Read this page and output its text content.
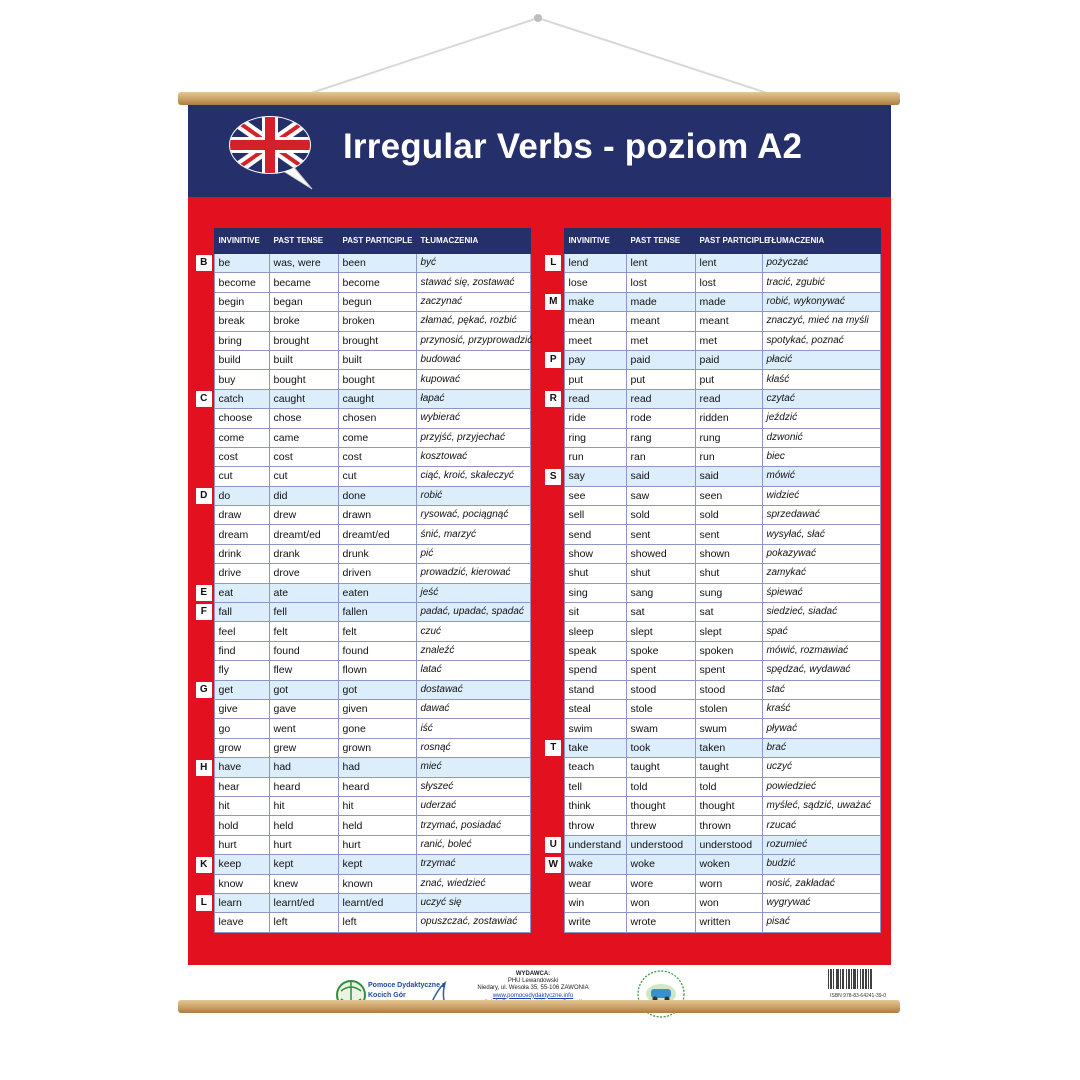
Irregular Verbs - poziom A2
	INVINITIVE	PAST TENSE	PAST PARTICIPLE	TŁUMACZENIA
B	be	was, were	been	być
	become	became	become	stawać się, zostawać
	begin	began	begun	zaczynać
	break	broke	broken	złamać, pękać, rozbić
	bring	brought	brought	przynosić, przyprowadzić
	build	built	built	budować
	buy	bought	bought	kupować
C	catch	caught	caught	łapać
	choose	chose	chosen	wybierać
	come	came	come	przyjść, przyjechać
	cost	cost	cost	kosztować
	cut	cut	cut	ciąć, kroić, skaleczyć
D	do	did	done	robić
	draw	drew	drawn	rysować, pociągnąć
	dream	dreamt/ed	dreamt/ed	śnić, marzyć
	drink	drank	drunk	pić
	drive	drove	driven	prowadzić, kierować
E	eat	ate	eaten	jeść
F	fall	fell	fallen	padać, upadać, spadać
	feel	felt	felt	czuć
	find	found	found	znaleźć
	fly	flew	flown	latać
G	get	got	got	dostawać
	give	gave	given	dawać
	go	went	gone	iść
	grow	grew	grown	rosnąć
H	have	had	had	mieć
	hear	heard	heard	słyszeć
	hit	hit	hit	uderzać
	hold	held	held	trzymać, posiadać
	hurt	hurt	hurt	ranić, boleć
K	keep	kept	kept	trzymać
	know	knew	known	znać, wiedzieć
L	learn	learnt/ed	learnt/ed	uczyć się
	leave	left	left	opuszczać, zostawiać
	INVINITIVE	PAST TENSE	PAST PARTICIPLE	TŁUMACZENIA
L	lend	lent	lent	pożyczać
	lose	lost	lost	tracić, zgubić
M	make	made	made	robić, wykonywać
	mean	meant	meant	znaczyć, mieć na myśli
	meet	met	met	spotykać, poznać
P	pay	paid	paid	płacić
	put	put	put	kłaść
R	read	read	read	czytać
	ride	rode	ridden	jeździć
	ring	rang	rung	dzwonić
	run	ran	run	biec
S	say	said	said	mówić
	see	saw	seen	widzieć
	sell	sold	sold	sprzedawać
	send	sent	sent	wysyłać, słać
	show	showed	shown	pokazywać
	shut	shut	shut	zamykać
	sing	sang	sung	śpiewać
	sit	sat	sat	siedzieć, siadać
	sleep	slept	slept	spać
	speak	spoke	spoken	mówić, rozmawiać
	spend	spent	spent	spędzać, wydawać
	stand	stood	stood	stać
	steal	stole	stolen	kraść
	swim	swam	swum	pływać
T	take	took	taken	brać
	teach	taught	taught	uczyć
	tell	told	told	powiedzieć
	think	thought	thought	myśleć, sądzić, uważać
	throw	threw	thrown	rzucać
U	understand	understood	understood	rozumieć
W	wake	woke	woken	budzić
	wear	wore	worn	nosić, zakładać
	win	won	won	wygrywać
	write	wrote	written	pisać
Pomoce Dydaktyczne z Kocich Gór
WYDAWCA:
PHU Lewandowski
Niedary, ul. Wesoła 35, 55-106 ZAWONIA
www.pomocedydaktyczne.info	ISBN 978-83-64241-39-0
